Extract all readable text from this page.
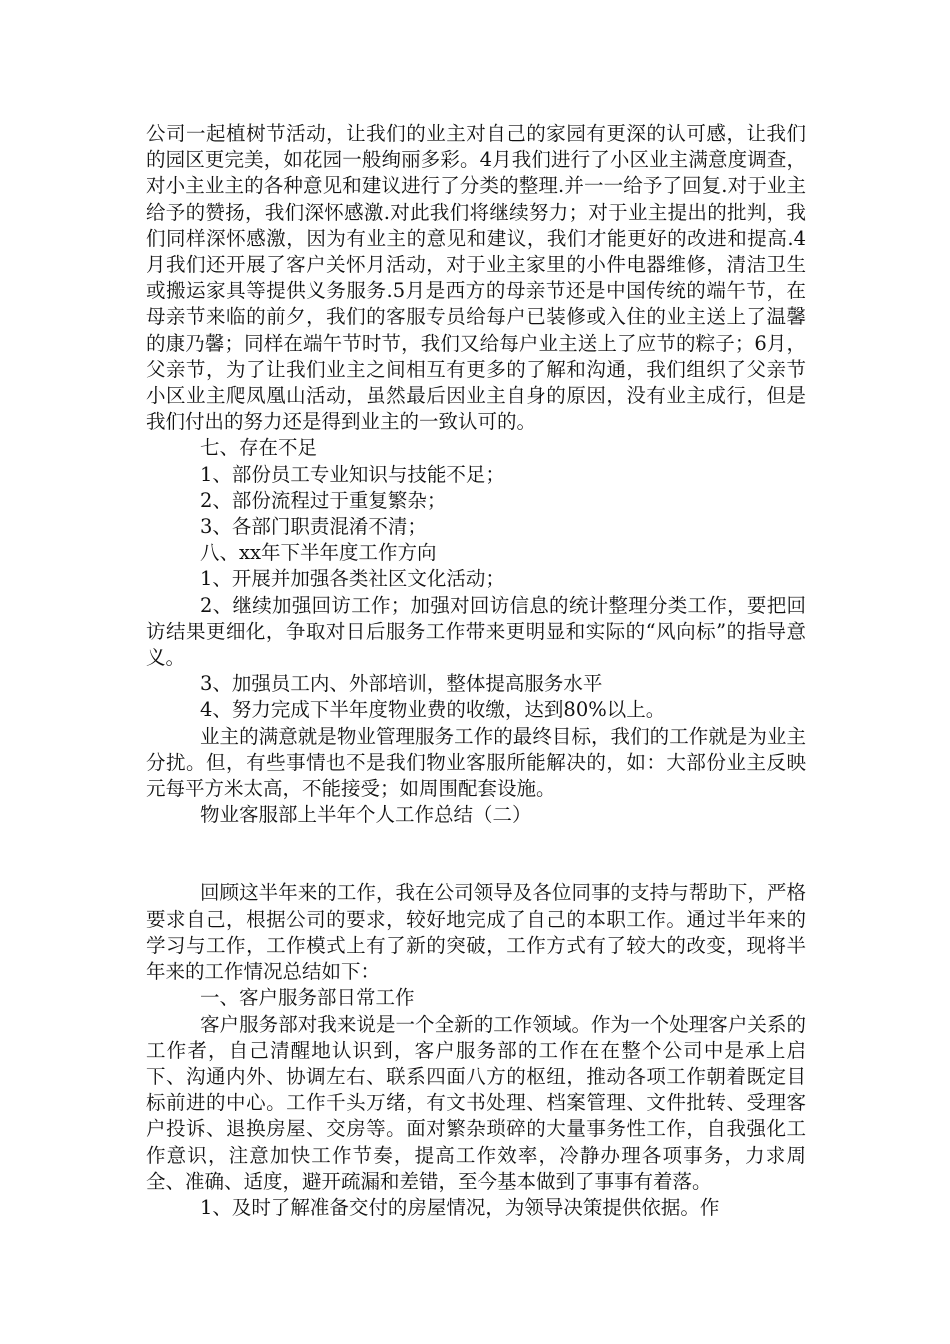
公司一起植树节活动，让我们的业主对自己的家园有更深的认可感，让我们的园区更完美，如花园一般绚丽多彩。4月我们进行了小区业主满意度调查，对小主业主的各种意见和建议进行了分类的整理.并一一给予了回复.对于业主给予的赞扬，我们深怀感激.对此我们将继续努力；对于业主提出的批判，我们同样深怀感激，因为有业主的意见和建议，我们才能更好的改进和提高.4月我们还开展了客户关怀月活动，对于业主家里的小件电器维修，清洁卫生或搬运家具等提供义务服务.5月是西方的母亲节还是中国传统的端午节，在母亲节来临的前夕，我们的客服专员给每户已装修或入住的业主送上了温馨的康乃馨；同样在端午节时节，我们又给每户业主送上了应节的粽子；6月，父亲节，为了让我们业主之间相互有更多的了解和沟通，我们组织了父亲节小区业主爬凤凰山活动，虽然最后因业主自身的原因，没有业主成行，但是我们付出的努力还是得到业主的一致认可的。

七、存在不足

1、部份员工专业知识与技能不足；

2、部份流程过于重复繁杂；

3、各部门职责混淆不清；

八、xx年下半年度工作方向

1、开展并加强各类社区文化活动；

2、继续加强回访工作；加强对回访信息的统计整理分类工作，要把回访结果更细化，争取对日后服务工作带来更明显和实际的“风向标”的指导意义。

3、加强员工内、外部培训，整体提高服务水平

4、努力完成下半年度物业费的收缴，达到80%以上。

业主的满意就是物业管理服务工作的最终目标，我们的工作就是为业主分扰。但，有些事情也不是我们物业客服所能解决的，如：大部份业主反映元每平方米太高，不能接受；如周围配套设施。

物业客服部上半年个人工作总结（二）

回顾这半年来的工作，我在公司领导及各位同事的支持与帮助下，严格要求自己，根据公司的要求，较好地完成了自己的本职工作。通过半年来的学习与工作，工作模式上有了新的突破，工作方式有了较大的改变，现将半年来的工作情况总结如下：

一、客户服务部日常工作

客户服务部对我来说是一个全新的工作领域。作为一个处理客户关系的工作者，自己清醒地认识到，客户服务部的工作在在整个公司中是承上启下、沟通内外、协调左右、联系四面八方的枢纽，推动各项工作朝着既定目标前进的中心。工作千头万绪，有文书处理、档案管理、文件批转、受理客户投诉、退换房屋、交房等。面对繁杂琐碎的大量事务性工作，自我强化工作意识，注意加快工作节奏，提高工作效率，冷静办理各项事务，力求周全、准确、适度，避开疏漏和差错，至今基本做到了事事有着落。

1、及时了解准备交付的房屋情况，为领导决策提供依据。作
